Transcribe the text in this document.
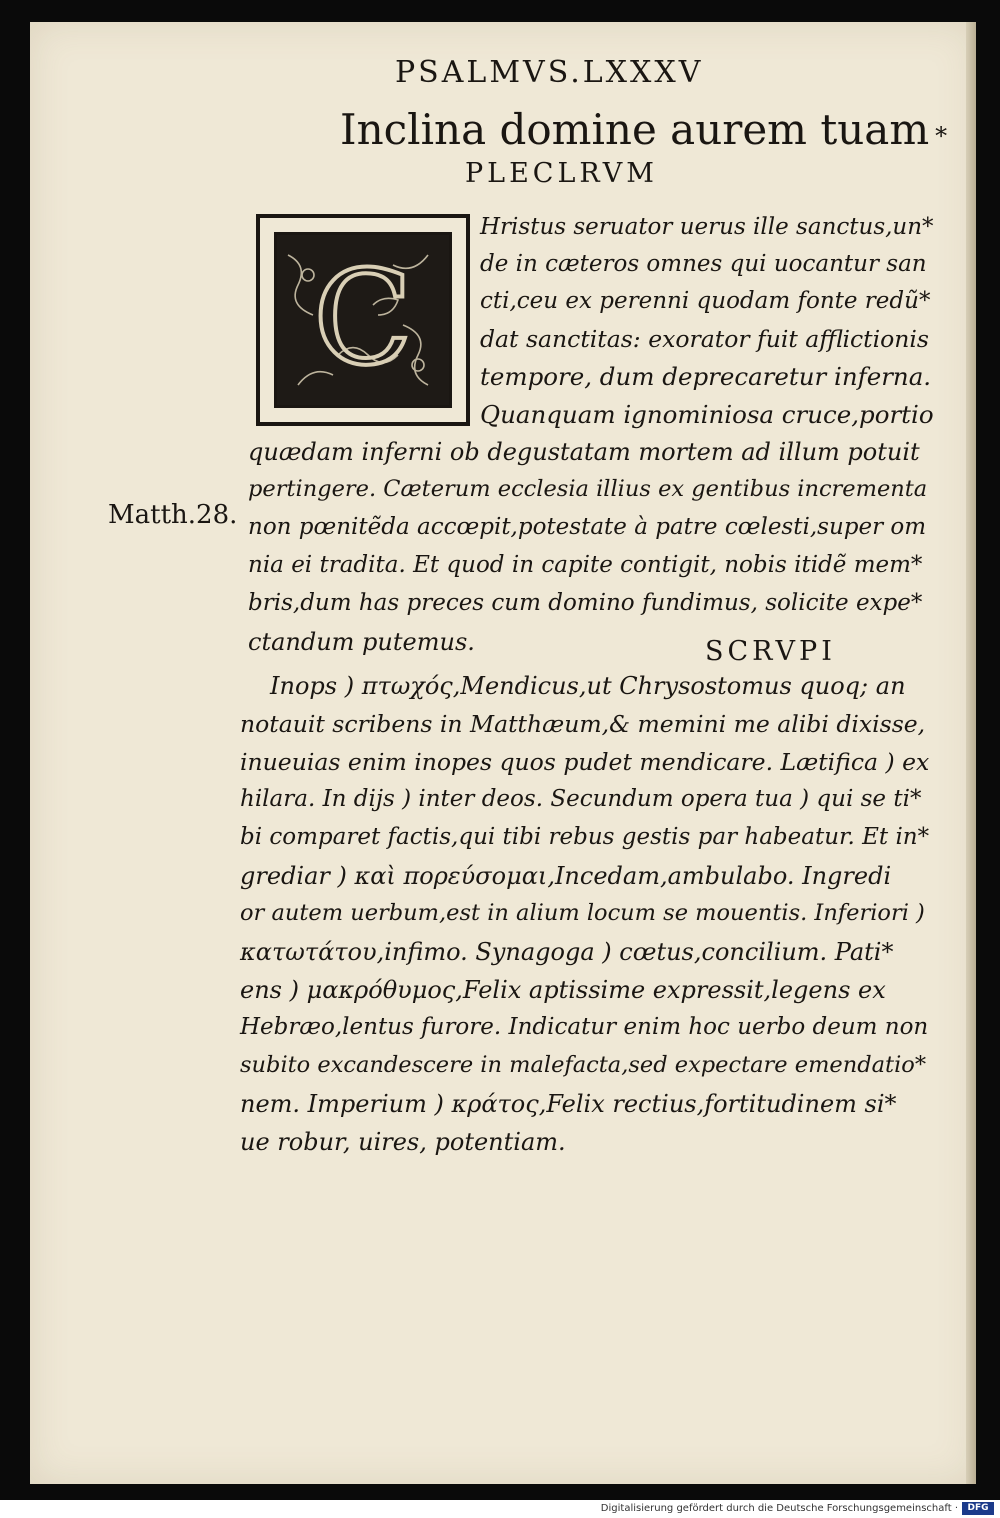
PSALMVS.LXXXV
Inclina domine aurem tuam *
PLECLRVM
C
Matth.28.
Hristus seruator uerus ille sanctus,un*
de in cæteros omnes qui uocantur san
cti,ceu ex perenni quodam fonte redũ*
dat sanctitas: exorator fuit afflictionis
tempore, dum deprecaretur inferna.
Quanquam ignominiosa cruce,portio
quædam inferni ob degustatam mortem ad illum potuit
pertingere. Cæterum ecclesia illius ex gentibus incrementa
non pœnitẽda accœpit,potestate à patre cœlesti,super om
nia ei tradita. Et quod in capite contigit, nobis itidẽ mem*
bris,dum has preces cum domino fundimus, solicite expe*
ctandum putemus.	SCRVPI
Inops ) πτωχός,Mendicus,ut Chrysostomus quoq; an
notauit scribens in Matthæum,& memini me alibi dixisse,
inueuias enim inopes quos pudet mendicare. Lætifica ) ex
hilara. In dijs ) inter deos. Secundum opera tua ) qui se ti*
bi comparet factis,qui tibi rebus gestis par habeatur. Et in*
grediar ) καὶ πορεύσομαι,Incedam,ambulabo. Ingredi
or autem uerbum,est in alium locum se mouentis. Inferiori )
κατωτάτου,infimo. Synagoga ) cœtus,concilium. Pati*
ens ) μακρόθυμος,Felix aptissime expressit,legens ex
Hebræo,lentus furore. Indicatur enim hoc uerbo deum non
subito excandescere in malefacta,sed expectare emendatio*
nem. Imperium ) κράτος,Felix rectius,fortitudinem si*
ue robur, uires, potentiam.
Digitalisierung gefördert durch die Deutsche Forschungsgemeinschaft ·	DFG
